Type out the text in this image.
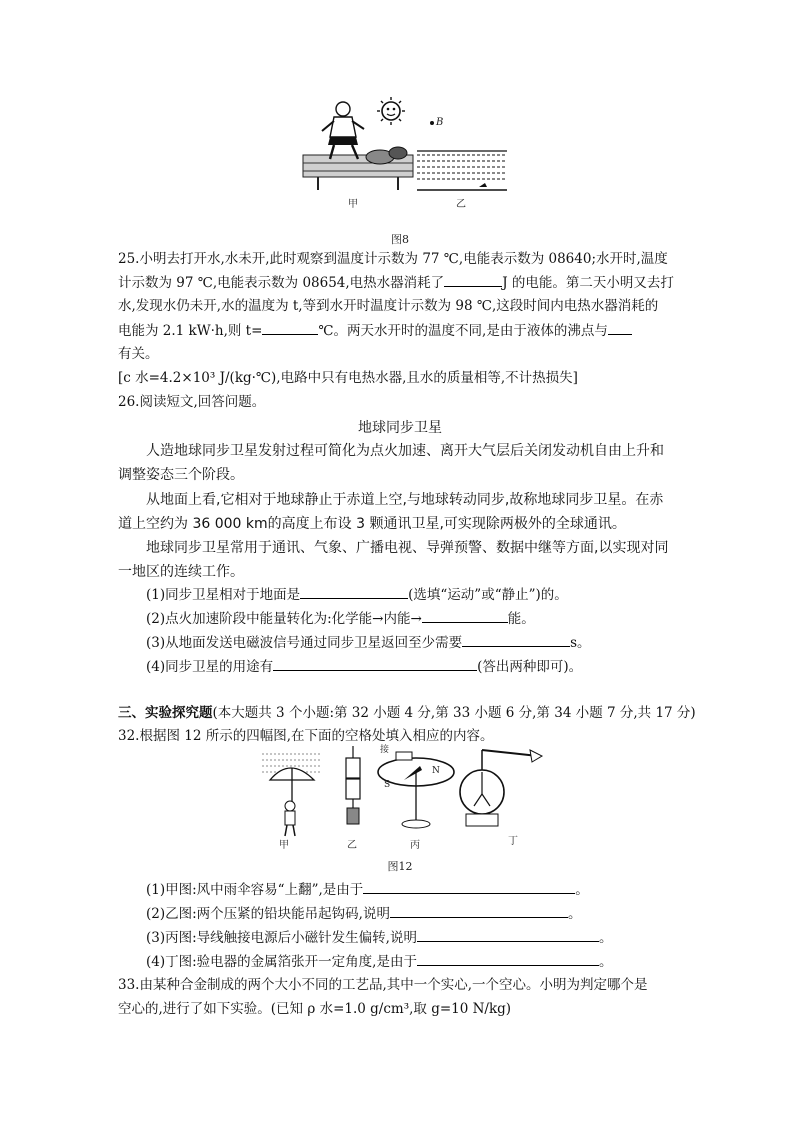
甲
B
乙
图8
25.小明去打开水,水未开,此时观察到温度计示数为 77 ℃,电能表示数为 08640;水开时,温度
计示数为 97 ℃,电能表示数为 08654,电热水器消耗了	J 的电能。第二天小明又去打
水,发现水仍未开,水的温度为 t,等到水开时温度计示数为 98 ℃,这段时间内电热水器消耗的
电能为 2.1 kW·h,则 t=	℃。两天水开时的温度不同,是由于液体的沸点与
有关。
[c 水=4.2×10³ J/(kg·℃),电路中只有电热水器,且水的质量相等,不计热损失]
26.阅读短文,回答问题。
地球同步卫星
人造地球同步卫星发射过程可简化为点火加速、离开大气层后关闭发动机自由上升和
调整姿态三个阶段。
从地面上看,它相对于地球静止于赤道上空,与地球转动同步,故称地球同步卫星。在赤
道上空约为 36 000 km的高度上布设 3 颗通讯卫星,可实现除两极外的全球通讯。
地球同步卫星常用于通讯、气象、广播电视、导弹预警、数据中继等方面,以实现对同
一地区的连续工作。
(1)同步卫星相对于地面是	(选填“运动”或“静止”)的。
(2)点火加速阶段中能量转化为:化学能→内能→	能。
(3)从地面发送电磁波信号通过同步卫星返回至少需要	s。
(4)同步卫星的用途有	(答出两种即可)。
三、实验探究题(本大题共 3 个小题:第 32 小题 4 分,第 33 小题 6 分,第 34 小题 7 分,共 17 分)
32.根据图 12 所示的四幅图,在下面的空格处填入相应的内容。
甲	乙
接
S
N
丙	丁
图12
(1)甲图:风中雨伞容易“上翻”,是由于	。
(2)乙图:两个压紧的铅块能吊起钩码,说明	。
(3)丙图:导线触接电源后小磁针发生偏转,说明	。
(4)丁图:验电器的金属箔张开一定角度,是由于	。
33.由某种合金制成的两个大小不同的工艺品,其中一个实心,一个空心。小明为判定哪个是
空心的,进行了如下实验。(已知 ρ 水=1.0 g/cm³,取 g=10 N/kg)
